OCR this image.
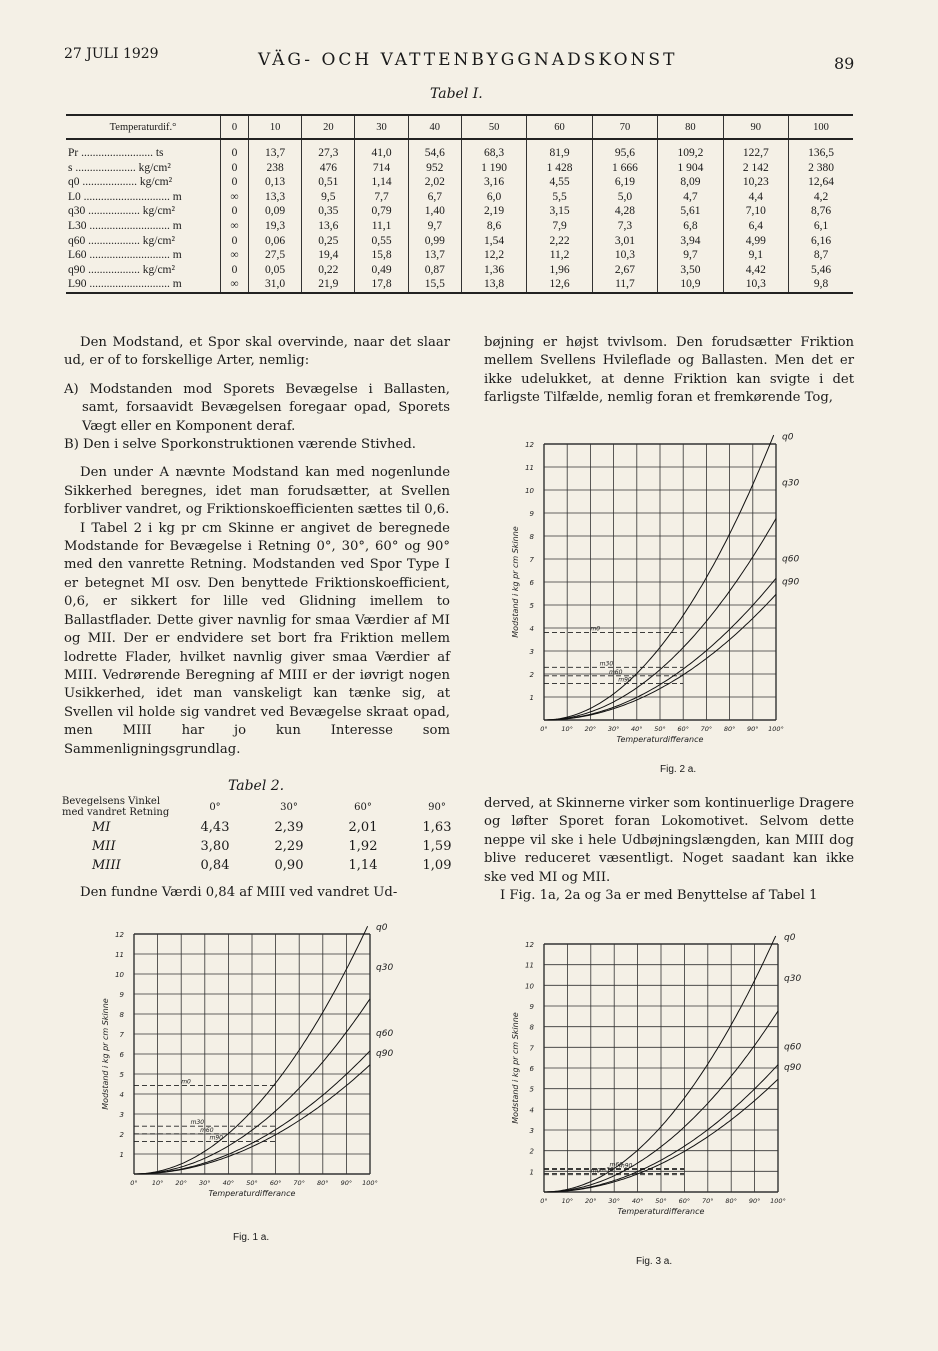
27 JULI 1929	VÄG- OCH VATTENBYGGNADSKONST	89
Tabel I.
Temperaturdif.°	0	10	20	30	40	50	60	70	80	90	100
Pr ......................... ts	0	13,7	27,3	41,0	54,6	68,3	81,9	95,6	109,2	122,7	136,5
s ..................... kg/cm²	0	238	476	714	952	1 190	1 428	1 666	1 904	2 142	2 380
q0 ................... kg/cm²	0	0,13	0,51	1,14	2,02	3,16	4,55	6,19	8,09	10,23	12,64
L0 .............................. m	∞	13,3	9,5	7,7	6,7	6,0	5,5	5,0	4,7	4,4	4,2
q30 .................. kg/cm²	0	0,09	0,35	0,79	1,40	2,19	3,15	4,28	5,61	7,10	8,76
L30 ............................ m	∞	19,3	13,6	11,1	9,7	8,6	7,9	7,3	6,8	6,4	6,1
q60 .................. kg/cm²	0	0,06	0,25	0,55	0,99	1,54	2,22	3,01	3,94	4,99	6,16
L60 ............................ m	∞	27,5	19,4	15,8	13,7	12,2	11,2	10,3	9,7	9,1	8,7
q90 .................. kg/cm²	0	0,05	0,22	0,49	0,87	1,36	1,96	2,67	3,50	4,42	5,46
L90 ............................ m	∞	31,0	21,9	17,8	15,5	13,8	12,6	11,7	10,9	10,3	9,8

Den Modstand, et Spor skal overvinde, naar det slaar ud, er of to forskellige Arter, nemlig:

A) Modstanden mod Sporets Bevægelse i Ballasten, samt, forsaavidt Bevægelsen foregaar opad, Sporets Vægt eller en Komponent deraf.

B) Den i selve Sporkonstruktionen værende Stivhed.

Den under A nævnte Modstand kan med nogenlunde Sikkerhed beregnes, idet man forudsætter, at Svellen forbliver vandret, og Friktionskoefficienten sættes til 0,6.

I Tabel 2 i kg pr cm Skinne er angivet de beregnede Modstande for Bevægelse i Retning 0°, 30°, 60° og 90° med den vanrette Retning. Modstanden ved Spor Type I er betegnet MI osv. Den benyttede Friktionskoefficient, 0,6, er sikkert for lille ved Glidning imellem to Ballastflader. Dette giver navnlig for smaa Værdier af MI og MII. Der er endvidere set bort fra Friktion mellem lodrette Flader, hvilket navnlig giver smaa Værdier af MIII. Vedrørende Beregning af MIII er der iøvrigt nogen Usikkerhed, idet man vanskeligt kan tænke sig, at Svellen vil holde sig vandret ved Bevægelse skraat opad, men MIII har jo kun Interesse som Sammenligningsgrundlag.

Tabel 2.
Bevegelsens Vinkel med vandret Retning	0°	30°	60°	90°
MI	4,43	2,39	2,01	1,63
MII	3,80	2,29	1,92	1,59
MIII	0,84	0,90	1,14	1,09

Den fundne Værdi 0,84 af MIII ved vandret Ud-

bøjning er højst tvivlsom. Den forudsætter Friktion mellem Svellens Hvileflade og Ballasten. Men det er ikke udelukket, at denne Friktion kan svigte i det farligste Tilfælde, nemlig foran et fremkørende Tog,

derved, at Skinnerne virker som kontinuerlige Dragere og løfter Sporet foran Lokomotivet. Selvom dette neppe vil ske i hele Udbøjningslængden, kan MIII dog blive reduceret væsentligt. Noget saadant kan ikke ske ved MI og MII.

I Fig. 1a, 2a og 3a er med Benyttelse af Tabel 1

1
2
3
4
5
6
7
8
9
10
11
12
0° 10° 20° 30° 40° 50° 60° 70° 80° 90° 100°
Temperaturdifferance
Modstand i kg pr cm Skinne	m0
m30
m60
m90
q0
q30
q60
q90
Fig. 1 a.
1
2
3
4
5
6
7
8
9
10
11
12
0° 10° 20° 30° 40° 50° 60° 70° 80° 90° 100°
Temperaturdifferance
Modstand i kg pr cm Skinne	m0
m30
m60
m90
q0
q30
q60
q90
Fig. 2 a.
1
2
3
4
5
6
7
8
9
10
11
12
0° 10° 20° 30° 40° 50° 60° 70° 80° 90° 100°
Temperaturdifferance
Modstand i kg pr cm Skinne
m0 m30
m60
m90
q0
q30
q60
q90
Fig. 3 a.
